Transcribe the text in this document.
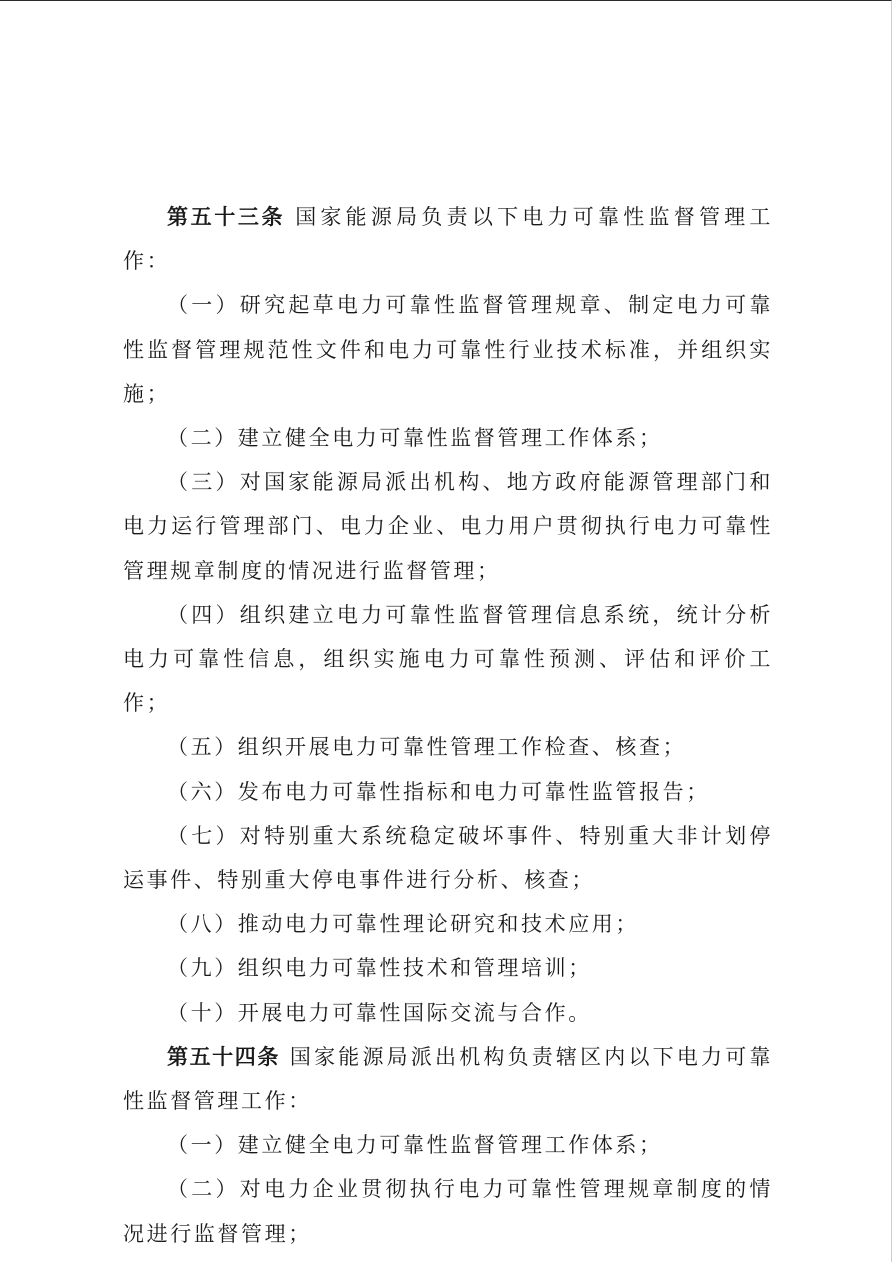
第五十三条 国家能源局负责以下电力可靠性监督管理工作：

（一）研究起草电力可靠性监督管理规章、制定电力可靠性监督管理规范性文件和电力可靠性行业技术标准，并组织实施；

（二）建立健全电力可靠性监督管理工作体系；

（三）对国家能源局派出机构、地方政府能源管理部门和电力运行管理部门、电力企业、电力用户贯彻执行电力可靠性管理规章制度的情况进行监督管理；

（四）组织建立电力可靠性监督管理信息系统，统计分析电力可靠性信息，组织实施电力可靠性预测、评估和评价工作；

（五）组织开展电力可靠性管理工作检查、核查；

（六）发布电力可靠性指标和电力可靠性监管报告；

（七）对特别重大系统稳定破坏事件、特别重大非计划停运事件、特别重大停电事件进行分析、核查；

（八）推动电力可靠性理论研究和技术应用；

（九）组织电力可靠性技术和管理培训；

（十）开展电力可靠性国际交流与合作。

第五十四条 国家能源局派出机构负责辖区内以下电力可靠性监督管理工作：

（一）建立健全电力可靠性监督管理工作体系；

（二）对电力企业贯彻执行电力可靠性管理规章制度的情况进行监督管理；
